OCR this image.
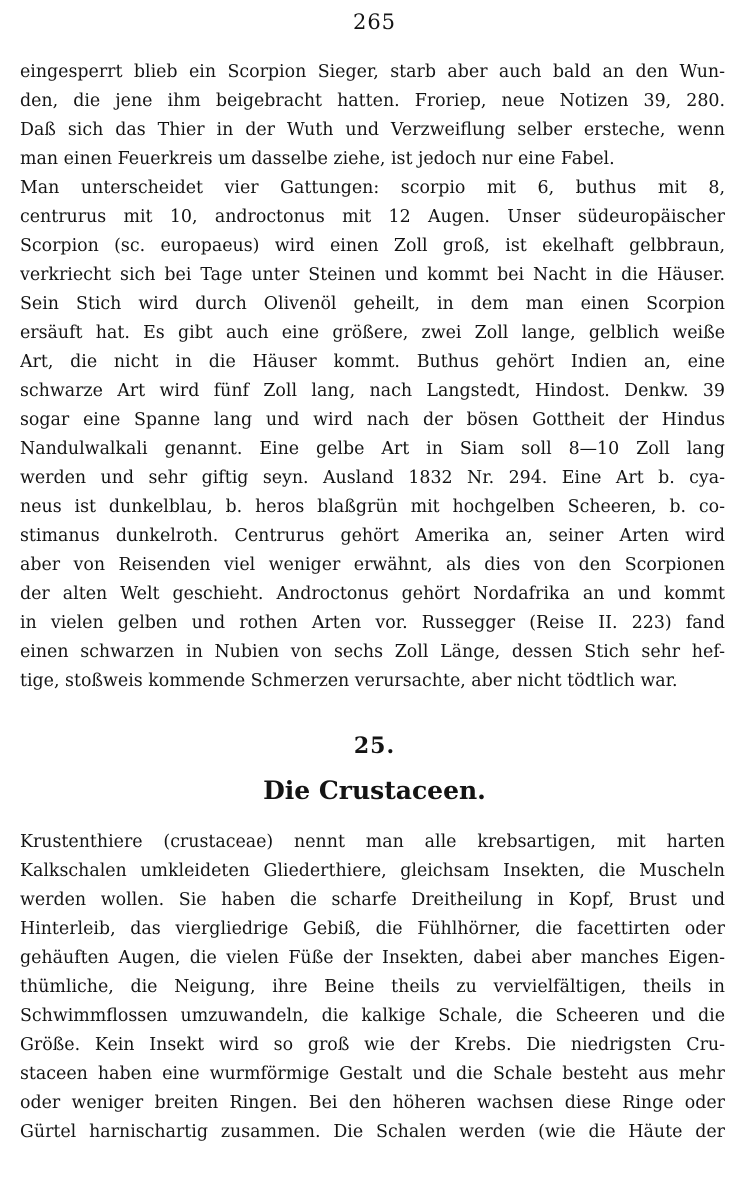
265

eingesperrt blieb ein Scorpion Sieger, starb aber auch bald an den Wun-
den, die jene ihm beigebracht hatten. Froriep, neue Notizen 39, 280.
Daß sich das Thier in der Wuth und Verzweiflung selber ersteche, wenn
man einen Feuerkreis um dasselbe ziehe, ist jedoch nur eine Fabel.

Man unterscheidet vier Gattungen: scorpio mit 6, buthus mit 8,
centrurus mit 10, androctonus mit 12 Augen. Unser südeuropäischer
Scorpion (sc. europaeus) wird einen Zoll groß, ist ekelhaft gelbbraun,
verkriecht sich bei Tage unter Steinen und kommt bei Nacht in die Häuser.
Sein Stich wird durch Olivenöl geheilt, in dem man einen Scorpion
ersäuft hat. Es gibt auch eine größere, zwei Zoll lange, gelblich weiße
Art, die nicht in die Häuser kommt. Buthus gehört Indien an, eine
schwarze Art wird fünf Zoll lang, nach Langstedt, Hindost. Denkw. 39
sogar eine Spanne lang und wird nach der bösen Gottheit der Hindus
Nandulwalkali genannt. Eine gelbe Art in Siam soll 8—10 Zoll lang
werden und sehr giftig seyn. Ausland 1832 Nr. 294. Eine Art b. cya-
neus ist dunkelblau, b. heros blaßgrün mit hochgelben Scheeren, b. co-
stimanus dunkelroth. Centrurus gehört Amerika an, seiner Arten wird
aber von Reisenden viel weniger erwähnt, als dies von den Scorpionen
der alten Welt geschieht. Androctonus gehört Nordafrika an und kommt
in vielen gelben und rothen Arten vor. Russegger (Reise II. 223) fand
einen schwarzen in Nubien von sechs Zoll Länge, dessen Stich sehr hef-
tige, stoßweis kommende Schmerzen verursachte, aber nicht tödtlich war.

25.
Die Crustaceen.

Krustenthiere (crustaceae) nennt man alle krebsartigen, mit harten
Kalkschalen umkleideten Gliederthiere, gleichsam Insekten, die Muscheln
werden wollen. Sie haben die scharfe Dreitheilung in Kopf, Brust und
Hinterleib, das viergliedrige Gebiß, die Fühlhörner, die facettirten oder
gehäuften Augen, die vielen Füße der Insekten, dabei aber manches Eigen-
thümliche, die Neigung, ihre Beine theils zu vervielfältigen, theils in
Schwimmflossen umzuwandeln, die kalkige Schale, die Scheeren und die
Größe. Kein Insekt wird so groß wie der Krebs. Die niedrigsten Cru-
staceen haben eine wurmförmige Gestalt und die Schale besteht aus mehr
oder weniger breiten Ringen. Bei den höheren wachsen diese Ringe oder
Gürtel harnischartig zusammen. Die Schalen werden (wie die Häute der
